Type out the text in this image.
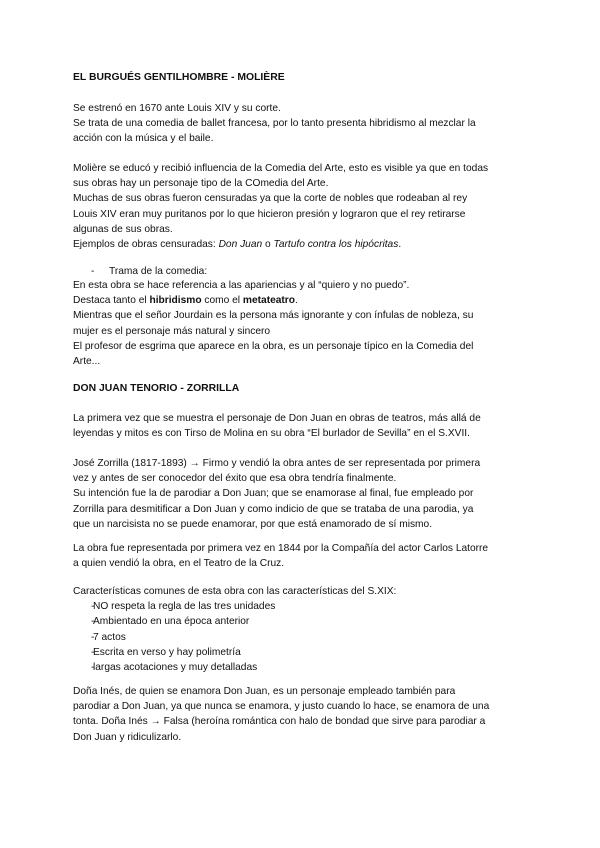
EL BURGUÉS GENTILHOMBRE - MOLIÈRE

Se estrenó en 1670 ante Louis XIV y su corte.

Se trata de una comedia de ballet francesa, por lo tanto presenta hibridismo al mezclar la

acción con la música y el baile.

Molière se educó y recibió influencia de la Comedia del Arte, esto es visible ya que en todas

sus obras hay un personaje tipo de la COmedia del Arte.

Muchas de sus obras fueron censuradas ya que la corte de nobles que rodeaban al rey

Louis XIV eran muy puritanos por lo que hicieron presión y lograron que el rey retirarse

algunas de sus obras.

Ejemplos de obras censuradas: Don Juan o Tartufo contra los hipócritas.

- Trama de la comedia:

En esta obra se hace referencia a las apariencias y al “quiero y no puedo”.

Destaca tanto el hibridismo como el metateatro.

Mientras que el señor Jourdain es la persona más ignorante y con ínfulas de nobleza, su

mujer es el personaje más natural y sincero

El profesor de esgrima que aparece en la obra, es un personaje típico en la Comedia del

Arte...

DON JUAN TENORIO - ZORRILLA

La primera vez que se muestra el personaje de Don Juan en obras de teatros, más allá de

leyendas y mitos es con Tirso de Molina en su obra “El burlador de Sevilla” en el S.XVII.

José Zorrilla (1817-1893) → Firmo y vendió la obra antes de ser representada por primera

vez y antes de ser conocedor del éxito que esa obra tendría finalmente.

Su intención fue la de parodiar a Don Juan; que se enamorase al final, fue empleado por

Zorrilla para desmitificar a Don Juan y como indicio de que se trataba de una parodia, ya

que un narcisista no se puede enamorar, por que está enamorado de sí mismo.

La obra fue representada por primera vez en 1844 por la Compañía del actor Carlos Latorre

a quien vendió la obra, en el Teatro de la Cruz.

Características comunes de esta obra con las características del S.XIX:

- NO respeta la regla de las tres unidades
- Ambientado en una época anterior
- 7 actos
- Escrita en verso y hay polimetría
- largas acotaciones y muy detalladas

Doña Inés, de quien se enamora Don Juan, es un personaje empleado también para

parodiar a Don Juan, ya que nunca se enamora, y justo cuando lo hace, se enamora de una

tonta. Doña Inés → Falsa (heroína romántica con halo de bondad que sirve para parodiar a

Don Juan y ridiculizarlo.
